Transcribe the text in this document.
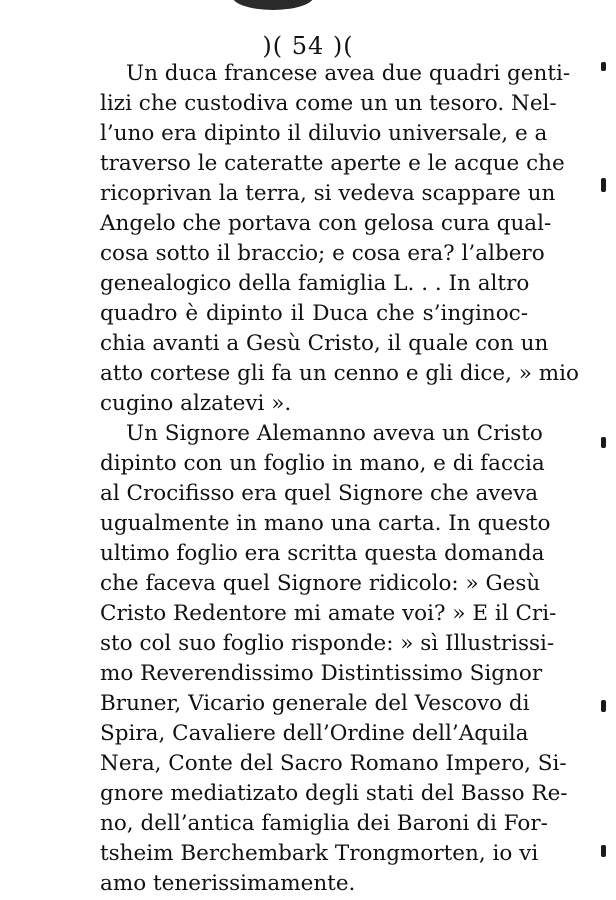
)( 54 )(
Un duca francese avea due quadri genti-
lizi che custodiva come un un tesoro. Nel-
l’uno era dipinto il diluvio universale, e a
traverso le cateratte aperte e le acque che
ricoprivan la terra, si vedeva scappare un
Angelo che portava con gelosa cura qual-
cosa sotto il braccio; e cosa era? l’albero
genealogico della famiglia L. . . In altro
quadro è dipinto il Duca che s’inginoc-
chia avanti a Gesù Cristo, il quale con un
atto cortese gli fa un cenno e gli dice, » mio
cugino alzatevi ».
Un Signore Alemanno aveva un Cristo
dipinto con un foglio in mano, e di faccia
al Crocifisso era quel Signore che aveva
ugualmente in mano una carta. In questo
ultimo foglio era scritta questa domanda
che faceva quel Signore ridicolo: » Gesù
Cristo Redentore mi amate voi? » E il Cri-
sto col suo foglio risponde: » sì Illustrissi-
mo Reverendissimo Distintissimo Signor
Bruner, Vicario generale del Vescovo di
Spira, Cavaliere dell’Ordine dell’Aquila
Nera, Conte del Sacro Romano Impero, Si-
gnore mediatizato degli stati del Basso Re-
no, dell’antica famiglia dei Baroni di For-
tsheim Berchembark Trongmorten, io vi
amo tenerissimamente.
